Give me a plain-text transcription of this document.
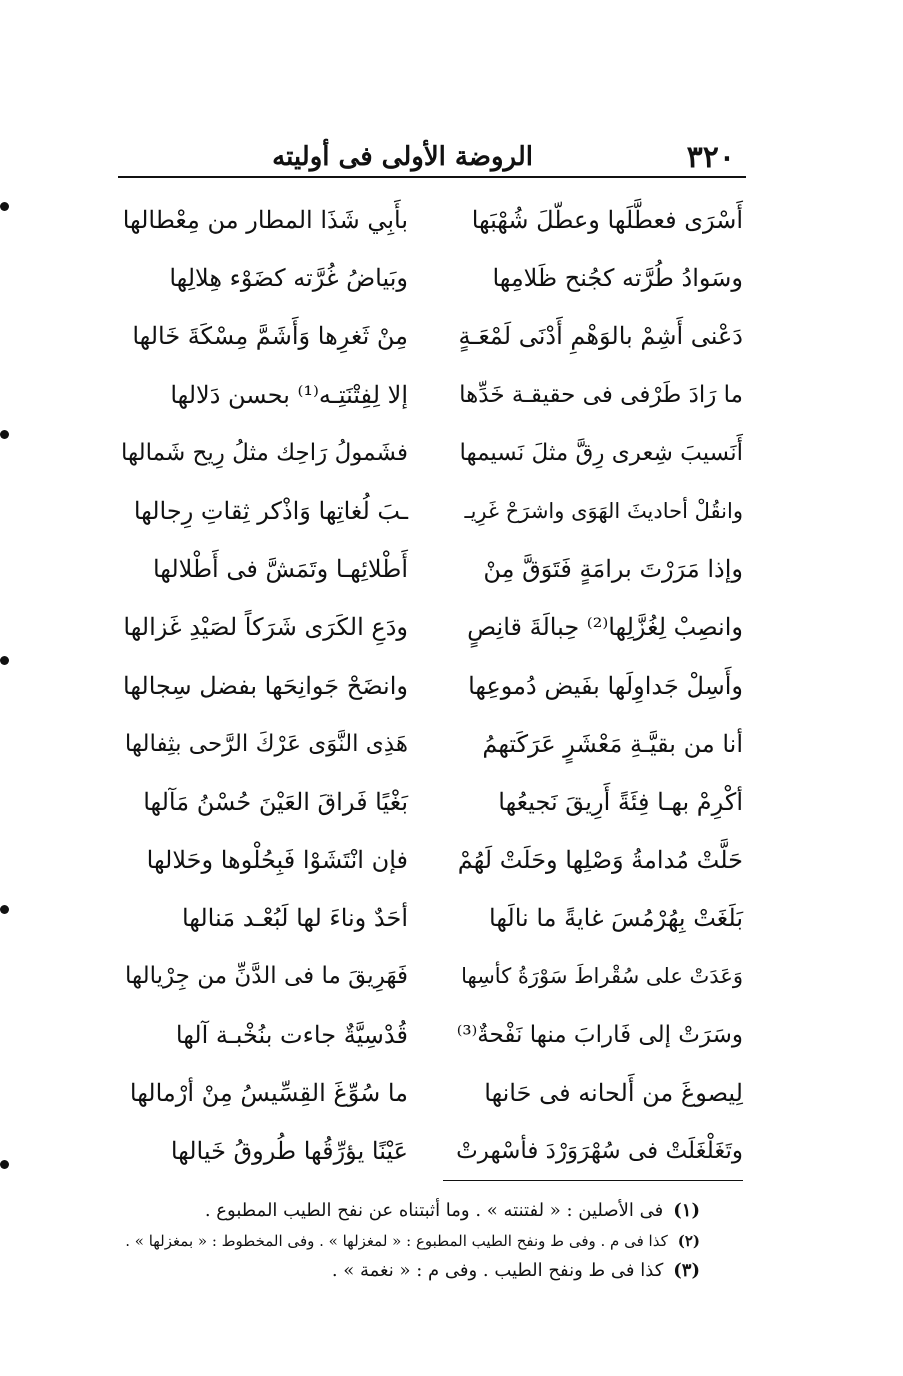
٣٢٠
الروضة الأولى فى أوليته
أَسْرَى فعطَّلَها وعطّلَ شُهْبَها
بأَبِي شَذَا المطار من مِعْطالها
وسَوادُ طُرَّته كجُنح ظَلامِها
وبَياضُ غُرَّته كضَوْء هِلالِها
دَعْنى أَشِمْ بالوَهْمِ أَدْنَى لَمْعَـةٍ
مِنْ ثَغرِها وَأَشَمَّ مِسْكَةَ خَالها
ما رَادَ طَرْفى فى حقيقـة خَدِّها
إلا لِفِتْنَتِـه⁽¹⁾ بحسن دَلالها
أَنَسيبَ شِعرى رِقَّ مثلَ نَسيمها
فشَمولُ رَاحِك مثلُ رِيح شَمالها
وانقُلْ أحاديثَ الهَوَى واشرَحْ غَرِيـ
ـبَ لُغاتِها وَاذْكر ثِقاتِ رِجالها
وإذا مَرَرْتَ برامَةٍ فَتَوَقَّ مِنْ
أَطْلائِهـا وتَمَشَّ فى أَطْلالها
وانصِبْ لِغُزَّلِها⁽²⁾ حِبالَةَ قانِصٍ
ودَعِ الكَرَى شَرَكاً لصَيْدِ غَزالها
وأَسِلْ جَداوِلَها بفَيض دُموعِها
وانضَحْ جَوانِحَها بفضل سِجالها
أنا من بقيَّـةِ مَعْشَرٍ عَرَكَتهمُ
هَذِى النَّوَى عَرْكَ الرَّحى بثِفالها
أكْرِمْ بهـا فِئَةً أَرِيقَ نَجيعُها
بَغْيًا فَراقَ العَيْنَ حُسْنُ مَآلها
حَلَّتْ مُدامةُ وَصْلِها وحَلَتْ لَهُمْ
فإن انْتَشَوْا فَبِحُلْوها وحَلالها
بَلَغَتْ بِهُرْمُسَ غايةً ما نالَها
أحَدٌ وناءَ لها لَبُعْـد مَنالها
وَعَدَتْ على سُقْراطَ سَوْرَةُ كأسِها
فَهَرِيقَ ما فى الدَّنِّ من جِرْيالها
وسَرَتْ إلى فَارابَ منها نَفْحةٌ⁽³⁾
قُدْسِيَّةٌ جاءت بنُخْبـة آلها
لِيصوغَ من أَلحانه فى حَانها
ما سُوِّغَ القِسِّيسُ مِنْ أرْمالها
وتَغَلْغَلَتْ فى سُهْرَوَرْدَ فأسْهرتْ
عَيْنًا يؤرِّقُها طُروقُ خَيالها
(١)فى الأصلين : « لفتنته » . وما أثبتناه عن نفح الطيب المطبوع .
(٢)كذا فى م . وفى ط ونفح الطيب المطبوع : « لمغزلها » . وفى المخطوط : « بمغزلها » .
(٣)كذا فى ط ونفح الطيب . وفى م : « نغمة » .
